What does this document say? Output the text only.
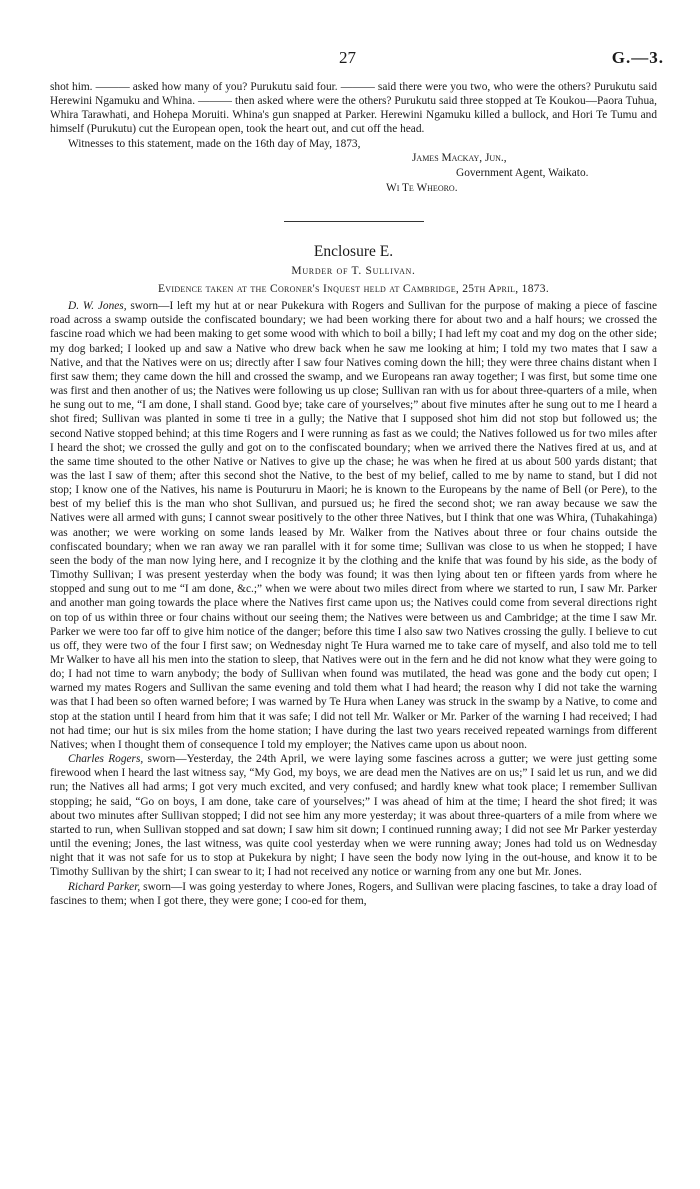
27	G.—3.

shot him. ——— asked how many of you? Purukutu said four. ——— said there were you two, who were the others? Purukutu said Herewini Ngamuku and Whina. ——— then asked where were the others? Purukutu said three stopped at Te Koukou—Paora Tuhua, Whira Tarawhati, and Hohepa Moruiti. Whina's gun snapped at Parker. Herewini Ngamuku killed a bullock, and Hori Te Tumu and himself (Purukutu) cut the European open, took the heart out, and cut off the head.

Witnesses to this statement, made on the 16th day of May, 1873,

James Mackay, Jun.,
Government Agent, Waikato.
Wi Te Wheoro.
Enclosure E.
Murder of T. Sullivan.
Evidence taken at the Coroner's Inquest held at Cambridge, 25th April, 1873.

D. W. Jones, sworn—I left my hut at or near Pukekura with Rogers and Sullivan for the purpose of making a piece of fascine road across a swamp outside the confiscated boundary; we had been working there for about two and a half hours; we crossed the fascine road which we had been making to get some wood with which to boil a billy; I had left my coat and my dog on the other side; my dog barked; I looked up and saw a Native who drew back when he saw me looking at him; I told my two mates that I saw a Native, and that the Natives were on us; directly after I saw four Natives coming down the hill; they were three chains distant when I first saw them; they came down the hill and crossed the swamp, and we Europeans ran away together; I was first, but some time one was first and then another of us; the Natives were following us up close; Sullivan ran with us for about three-quarters of a mile, when he sung out to me, “I am done, I shall stand. Good bye; take care of yourselves;” about five minutes after he sung out to me I heard a shot fired; Sullivan was planted in some ti tree in a gully; the Native that I supposed shot him did not stop but followed us; the second Native stopped behind; at this time Rogers and I were running as fast as we could; the Natives followed us for two miles after I heard the shot; we crossed the gully and got on to the confiscated boundary; when we arrived there the Natives fired at us, and at the same time shouted to the other Native or Natives to give up the chase; he was when he fired at us about 500 yards distant; that was the last I saw of them; after this second shot the Native, to the best of my belief, called to me by name to stand, but I did not stop; I know one of the Natives, his name is Poutururu in Maori; he is known to the Europeans by the name of Bell (or Pere), to the best of my belief this is the man who shot Sullivan, and pursued us; he fired the second shot; we ran away because we saw the Natives were all armed with guns; I cannot swear positively to the other three Natives, but I think that one was Whira, (Tuhakahinga) was another; we were working on some lands leased by Mr. Walker from the Natives about three or four chains outside the confiscated boundary; when we ran away we ran parallel with it for some time; Sullivan was close to us when he stopped; I have seen the body of the man now lying here, and I recognize it by the clothing and the knife that was found by his side, as the body of Timothy Sullivan; I was present yesterday when the body was found; it was then lying about ten or fifteen yards from where he stopped and sung out to me “I am done, &c.;” when we were about two miles direct from where we started to run, I saw Mr. Parker and another man going towards the place where the Natives first came upon us; the Natives could come from several directions right on top of us within three or four chains without our seeing them; the Natives were between us and Cambridge; at the time I saw Mr. Parker we were too far off to give him notice of the danger; before this time I also saw two Natives crossing the gully. I believe to cut us off, they were two of the four I first saw; on Wednesday night Te Hura warned me to take care of myself, and also told me to tell Mr Walker to have all his men into the station to sleep, that Natives were out in the fern and he did not know what they were going to do; I had not time to warn anybody; the body of Sullivan when found was mutilated, the head was gone and the body cut open; I warned my mates Rogers and Sullivan the same evening and told them what I had heard; the reason why I did not take the warning was that I had been so often warned before; I was warned by Te Hura when Laney was struck in the swamp by a Native, to come and stop at the station until I heard from him that it was safe; I did not tell Mr. Walker or Mr. Parker of the warning I had received; I had not had time; our hut is six miles from the home station; I have during the last two years received repeated warnings from different Natives; when I thought them of consequence I told my employer; the Natives came upon us about noon.

Charles Rogers, sworn—Yesterday, the 24th April, we were laying some fascines across a gutter; we were just getting some firewood when I heard the last witness say, “My God, my boys, we are dead men the Natives are on us;” I said let us run, and we did run; the Natives all had arms; I got very much excited, and very confused; and hardly knew what took place; I remember Sullivan stopping; he said, “Go on boys, I am done, take care of yourselves;” I was ahead of him at the time; I heard the shot fired; it was about two minutes after Sullivan stopped; I did not see him any more yesterday; it was about three-quarters of a mile from where we started to run, when Sullivan stopped and sat down; I saw him sit down; I continued running away; I did not see Mr Parker yesterday until the evening; Jones, the last witness, was quite cool yesterday when we were running away; Jones had told us on Wednesday night that it was not safe for us to stop at Pukekura by night; I have seen the body now lying in the out-house, and know it to be Timothy Sullivan by the shirt; I can swear to it; I had not received any notice or warning from any one but Mr. Jones.

Richard Parker, sworn—I was going yesterday to where Jones, Rogers, and Sullivan were placing fascines, to take a dray load of fascines to them; when I got there, they were gone; I coo-ed for them,
